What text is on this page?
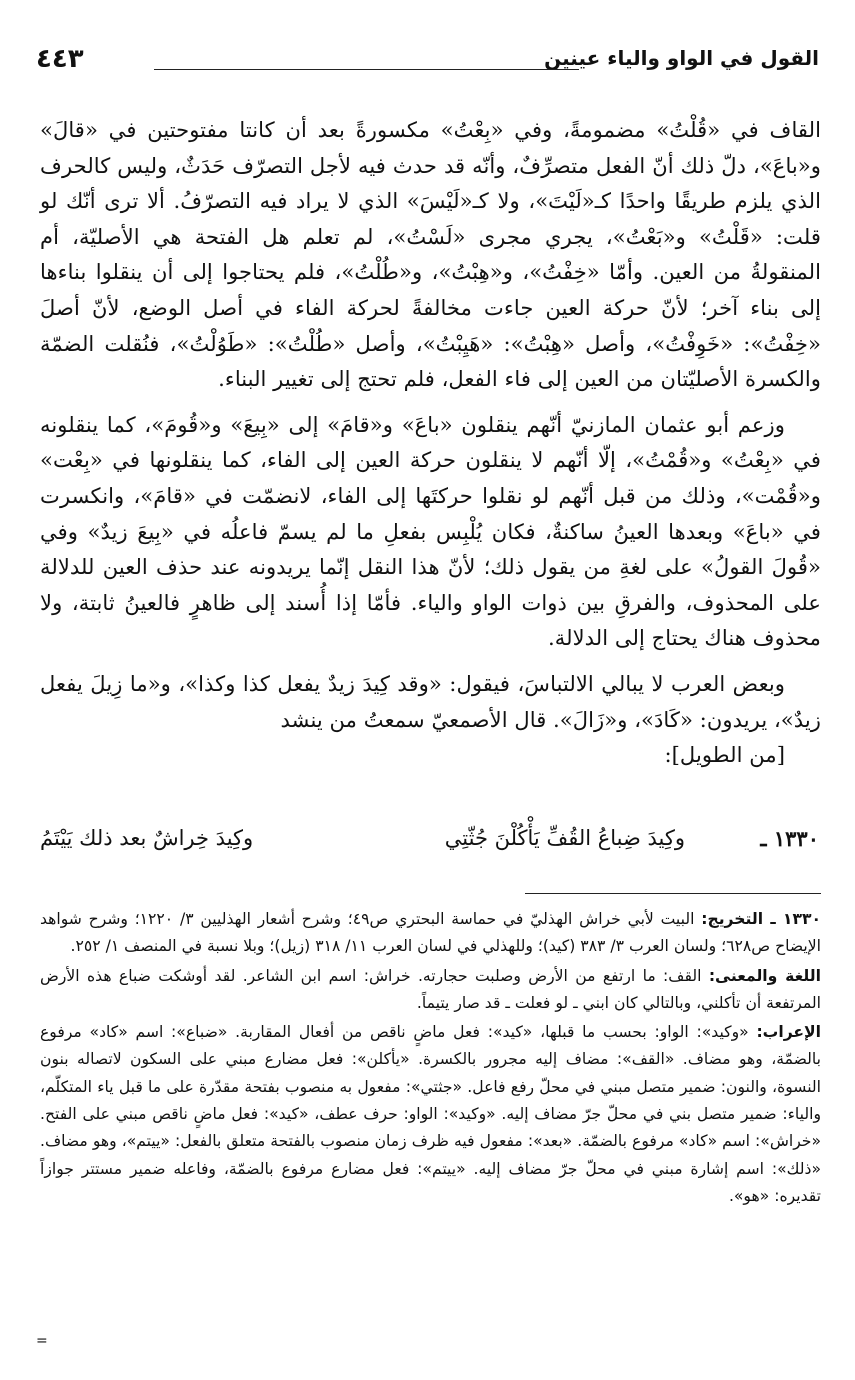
القول في الواو والياء عينين
٤٤٣

القاف في «قُلْتُ» مضمومةً، وفي «بِعْتُ» مكسورةً بعد أن كانتا مفتوحتين في «قالَ» و«باعَ»، دلّ ذلك أنّ الفعل متصرِّفٌ، وأنّه قد حدث فيه لأجل التصرّف حَدَثٌ، وليس كالحرف الذي يلزم طريقًا واحدًا كـ«لَيْتَ»، ولا كـ«لَيْسَ» الذي لا يراد فيه التصرّفُ. ألا ترى أنّك لو قلت: «قَلْتُ» و«بَعْتُ»، يجري مجرى «لَسْتُ»، لم تعلم هل الفتحة هي الأصليّة، أم المنقولةُ من العين. وأمّا «خِفْتُ»، و«هِبْتُ»، و«طُلْتُ»، فلم يحتاجوا إلى أن ينقلوا بناءها إلى بناء آخر؛ لأنّ حركة العين جاءت مخالفةً لحركة الفاء في أصل الوضع، لأنّ أصلَ «خِفْتُ»: «خَوِفْتُ»، وأصل «هِبْتُ»: «هَيِبْتُ»، وأصل «طُلْتُ»: «طَوُلْتُ»، فنُقلت الضمّة والكسرة الأصليّتان من العين إلى فاء الفعل، فلم تحتج إلى تغيير البناء.

وزعم أبو عثمان المازنيّ أنّهم ينقلون «باعَ» و«قامَ» إلى «بِيعَ» و«قُومَ»، كما ينقلونه في «بِعْتُ» و«قُمْتُ»، إلّا أنّهم لا ينقلون حركة العين إلى الفاء، كما ينقلونها في «بِعْت» و«قُمْت»، وذلك من قبل أنّهم لو نقلوا حركتَها إلى الفاء، لانضمّت في «قامَ»، وانكسرت في «باعَ» وبعدها العينُ ساكنةٌ، فكان يُلْبِس بفعلِ ما لم يسمّ فاعلُه في «بِيعَ زيدٌ» وفي «قُولَ القولُ» على لغةِ من يقول ذلك؛ لأنّ هذا النقل إنّما يريدونه عند حذف العين للدلالة على المحذوف، والفرقِ بين ذوات الواو والياء. فأمّا إذا أُسند إلى ظاهرٍ فالعينُ ثابتة، ولا محذوف هناك يحتاج إلى الدلالة.

وبعض العرب لا يبالي الالتباسَ، فيقول: «وقد كِيدَ زيدٌ يفعل كذا وكذا»، و«ما زِيلَ يفعل زيدٌ»، يريدون: «كَادَ»، و«زَالَ». قال الأصمعيّ سمعتُ من ينشد
[من الطويل]:

١٣٣٠ ـ
وكِيدَ ضِباعُ القُفِّ يَأْكُلْنَ جُثّتِي
وكِيدَ خِراشٌ بعد ذلك يَيْتَمُ

١٣٣٠ ـ التخريج: البيت لأبي خراش الهذليّ في حماسة البحتري ص٤٩؛ وشرح أشعار الهذليين ٣/ ١٢٢٠؛ وشرح شواهد الإيضاح ص٦٢٨؛ ولسان العرب ٣/ ٣٨٣ (كيد)؛ وللهذلي في لسان العرب ١١/ ٣١٨ (زيل)؛ وبلا نسبة في المنصف ١/ ٢٥٢.

اللغة والمعنى: القف: ما ارتفع من الأرض وصلبت حجارته. خراش: اسم ابن الشاعر. لقد أوشكت ضباع هذه الأرض المرتفعة أن تأكلني، وبالتالي كان ابني ـ لو فعلت ـ قد صار يتيماً.

الإعراب: «وكيد»: الواو: بحسب ما قبلها، «كيد»: فعل ماضٍ ناقص من أفعال المقاربة. «ضباع»: اسم «كاد» مرفوع بالضمّة، وهو مضاف. «القف»: مضاف إليه مجرور بالكسرة. «يأكلن»: فعل مضارع مبني على السكون لاتصاله بنون النسوة، والنون: ضمير متصل مبني في محلّ رفع فاعل. «جثتي»: مفعول به منصوب بفتحة مقدّرة على ما قبل ياء المتكلّم، والياء: ضمير متصل بني في محلّ جرّ مضاف إليه. «وكيد»: الواو: حرف عطف، «كيد»: فعل ماضٍ ناقص مبني على الفتح. «خراش»: اسم «كاد» مرفوع بالضمّة. «بعد»: مفعول فيه ظرف زمان منصوب بالفتحة متعلق بالفعل: «ييتم»، وهو مضاف. «ذلك»: اسم إشارة مبني في محلّ جرّ مضاف إليه. «ييتم»: فعل مضارع مرفوع بالضمّة، وفاعله ضمير مستتر جوازاً تقديره: «هو».

=
